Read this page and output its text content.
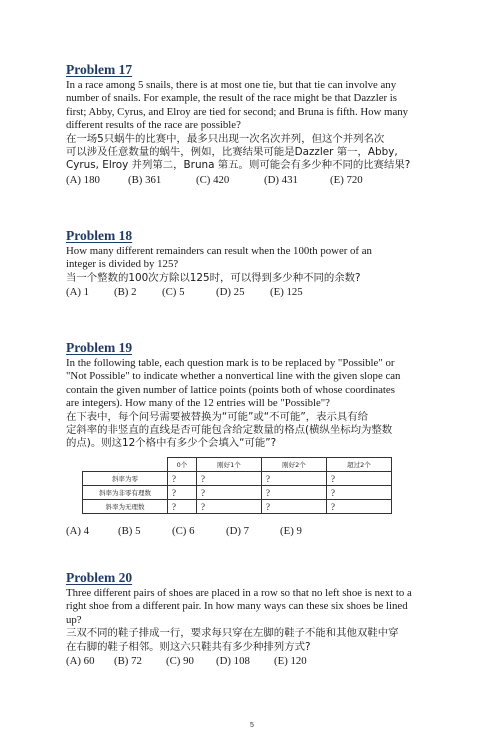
Problem 17

In a race among 5 snails, there is at most one tie, but that tie can involve any

number of snails. For example, the result of the race might be that Dazzler is

first; Abby, Cyrus, and Elroy are tied for second; and Bruna is fifth. How many

different results of the race are possible?

在一场5只蜗牛的比赛中，最多只出现一次名次并列，但这个并列名次

可以涉及任意数量的蜗牛，例如，比赛结果可能是Dazzler 第一，Abby,

Cyrus, Elroy 并列第二，Bruna 第五。则可能会有多少种不同的比赛结果?

(A) 180	(B) 361	(C) 420	(D) 431	(E) 720
Problem 18

How many different remainders can result when the 100th power of an

integer is divided by 125?

当一个整数的100次方除以125时，可以得到多少种不同的余数?

(A) 1	(B) 2	(C) 5	(D) 25	(E) 125
Problem 19

In the following table, each question mark is to be replaced by "Possible" or

"Not Possible" to indicate whether a nonvertical line with the given slope can

contain the given number of lattice points (points both of whose coordinates

are integers). How many of the 12 entries will be "Possible"?

在下表中，每个问号需要被替换为“可能”或“不可能”，表示具有给

定斜率的非竖直的直线是否可能包含给定数量的格点(横纵坐标均为整数

的点)。则这12个格中有多少个会填入“可能”?

	0个	刚好1个	刚好2个	超过2个
斜率为零	?	?	?	?
斜率为非零有理数	?	?	?	?
斜率为无理数	?	?	?	?
(A) 4	(B) 5	(C) 6	(D) 7	(E) 9
Problem 20

Three different pairs of shoes are placed in a row so that no left shoe is next to a

right shoe from a different pair. In how many ways can these six shoes be lined

up?

三双不同的鞋子排成一行，要求每只穿在左脚的鞋子不能和其他双鞋中穿

在右脚的鞋子相邻。则这六只鞋共有多少种排列方式?

(A) 60	(B) 72	(C) 90	(D) 108	(E) 120
5
